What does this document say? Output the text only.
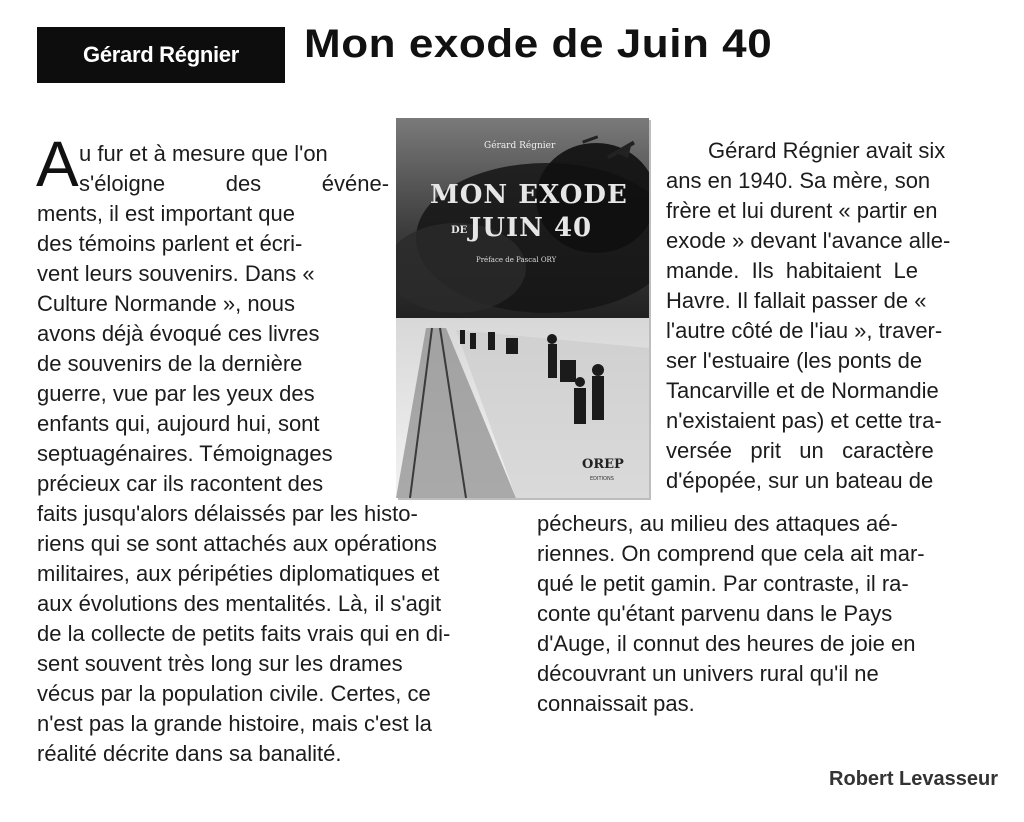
Gérard Régnier Mon exode de Juin 40
A u fur et à mesure que l'on
s'éloigne     des     événe-
ments, il est important que
des témoins parlent et écri-
vent leurs souvenirs. Dans «
Culture Normande », nous
avons déjà évoqué ces livres
de souvenirs de la dernière
guerre, vue par les yeux des
enfants qui, aujourd hui, sont
septuagénaires. Témoignages
précieux car ils racontent des
faits jusqu'alors délaissés par les histo-
riens qui se sont attachés aux opérations
militaires, aux péripéties diplomatiques et
aux évolutions des mentalités. Là, il s'agit
de la collecte de petits faits vrais qui en di-
sent souvent très long sur les drames
vécus par la population civile. Certes, ce
n'est pas la grande histoire, mais c'est la
réalité décrite dans sa banalité.
Gérard Régnier avait six
ans en 1940. Sa mère, son
frère et lui durent « partir en
exode » devant l'avance alle-
mande.  Ils  habitaient  Le
Havre. Il fallait passer de «
l'autre côté de l'iau », traver-
ser l'estuaire (les ponts de
Tancarville et de Normandie
n'existaient pas) et cette tra-
versée   prit   un   caractère
d'épopée, sur un bateau de
pécheurs, au milieu des attaques aé-
riennes. On comprend que cela ait mar-
qué le petit gamin. Par contraste, il ra-
conte qu'étant parvenu dans le Pays
d'Auge, il connut des heures de joie en
découvrant un univers rural qu'il ne
connaissait pas.
Gérard Régnier
MON EXODE
DE JUIN 40
Préface de Pascal ORY
OREP
EDITIONS
Robert Levasseur
